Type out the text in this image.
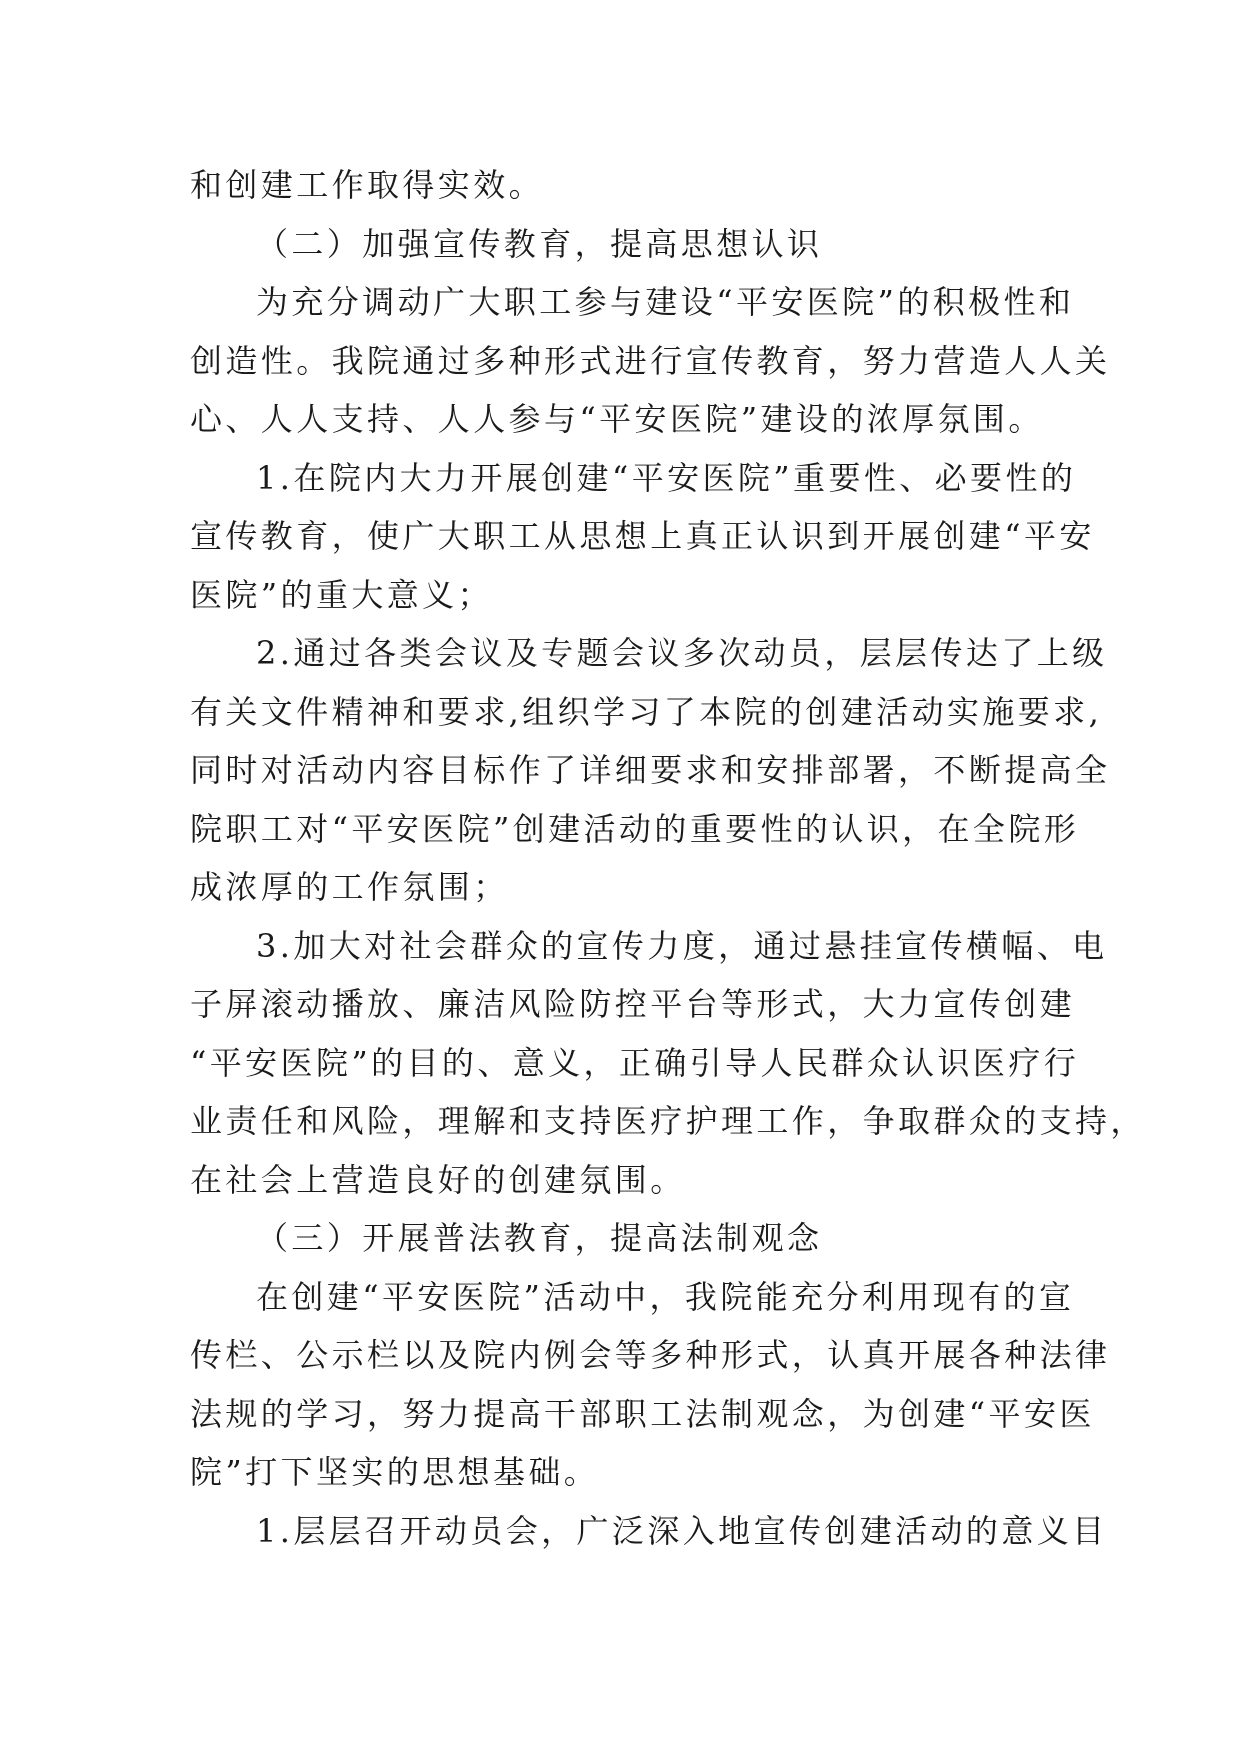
和创建工作取得实效。
（二）加强宣传教育，提高思想认识
为充分调动广大职工参与建设“平安医院”的积极性和
创造性。我院通过多种形式进行宣传教育，努力营造人人关
心、人人支持、人人参与“平安医院”建设的浓厚氛围。
1.在院内大力开展创建“平安医院”重要性、必要性的
宣传教育，使广大职工从思想上真正认识到开展创建“平安
医院”的重大意义；
2.通过各类会议及专题会议多次动员，层层传达了上级
有关文件精神和要求,组织学习了本院的创建活动实施要求,
同时对活动内容目标作了详细要求和安排部署，不断提高全
院职工对“平安医院”创建活动的重要性的认识，在全院形
成浓厚的工作氛围；
3.加大对社会群众的宣传力度，通过悬挂宣传横幅、电
子屏滚动播放、廉洁风险防控平台等形式，大力宣传创建
“平安医院”的目的、意义，正确引导人民群众认识医疗行
业责任和风险，理解和支持医疗护理工作，争取群众的支持，
在社会上营造良好的创建氛围。
（三）开展普法教育，提高法制观念
在创建“平安医院”活动中，我院能充分利用现有的宣
传栏、公示栏以及院内例会等多种形式，认真开展各种法律
法规的学习，努力提高干部职工法制观念，为创建“平安医
院”打下坚实的思想基础。
1.层层召开动员会，广泛深入地宣传创建活动的意义目
